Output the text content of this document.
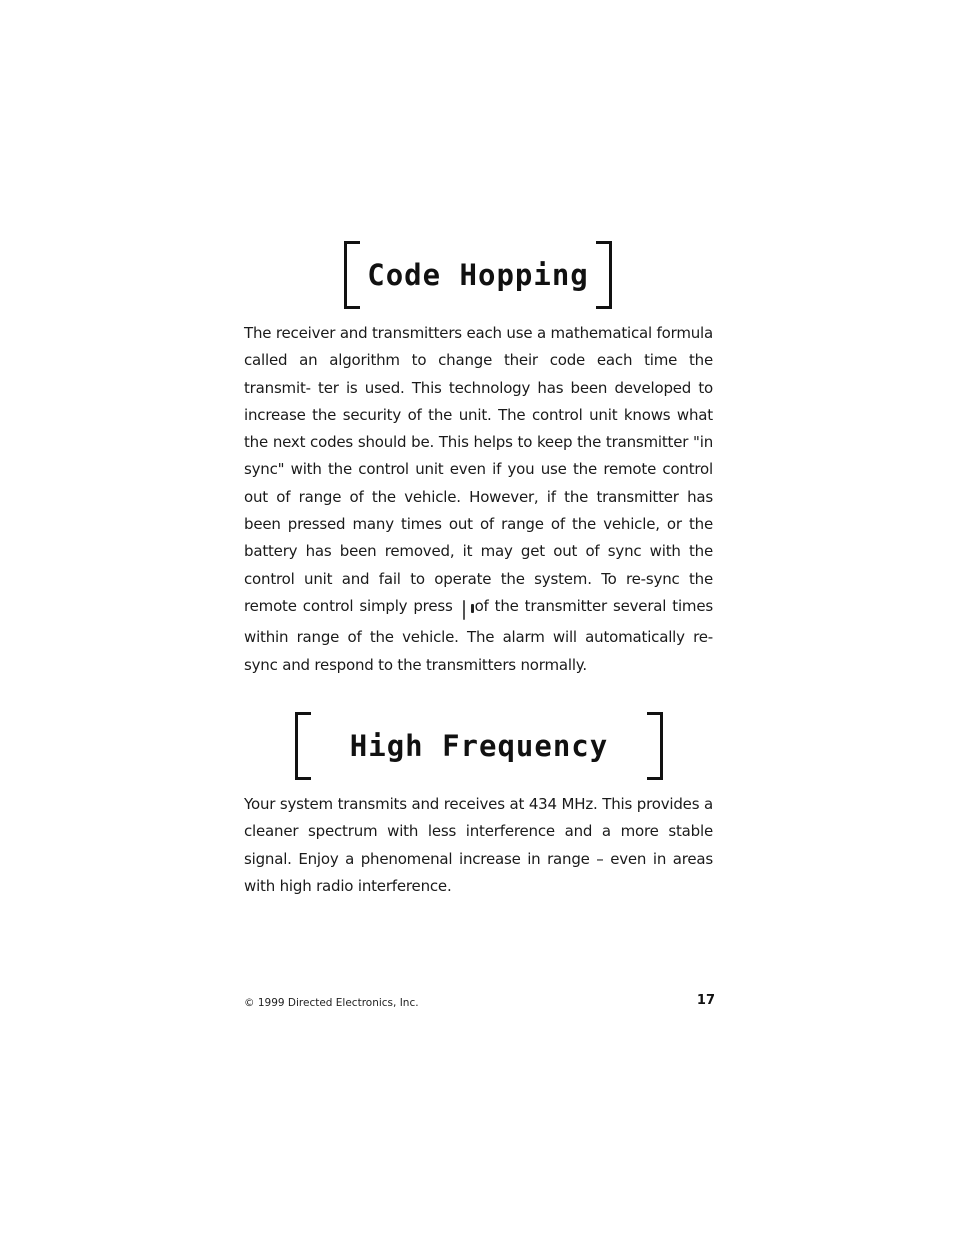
Code Hopping

The receiver and transmitters each use a mathematical formula called an algorithm to change their code each time the transmit- ter is used. This technology has been developed to increase the security of the unit. The control unit knows what the next codes should be. This helps to keep the transmitter "in sync" with the control unit even if you use the remote control out of range of the vehicle. However, if the transmitter has been pressed many times out of range of the vehicle, or the battery has been removed, it may get out of sync with the control unit and fail to operate the system. To re-sync the remote control simply press of the transmitter several times within range of the vehicle. The alarm will automatically re-sync and respond to the transmitters normally.

High Frequency

Your system transmits and receives at 434 MHz. This provides a cleaner spectrum with less interference and a more stable signal. Enjoy a phenomenal increase in range – even in areas with high radio interference.

© 1999 Directed Electronics, Inc.	17
